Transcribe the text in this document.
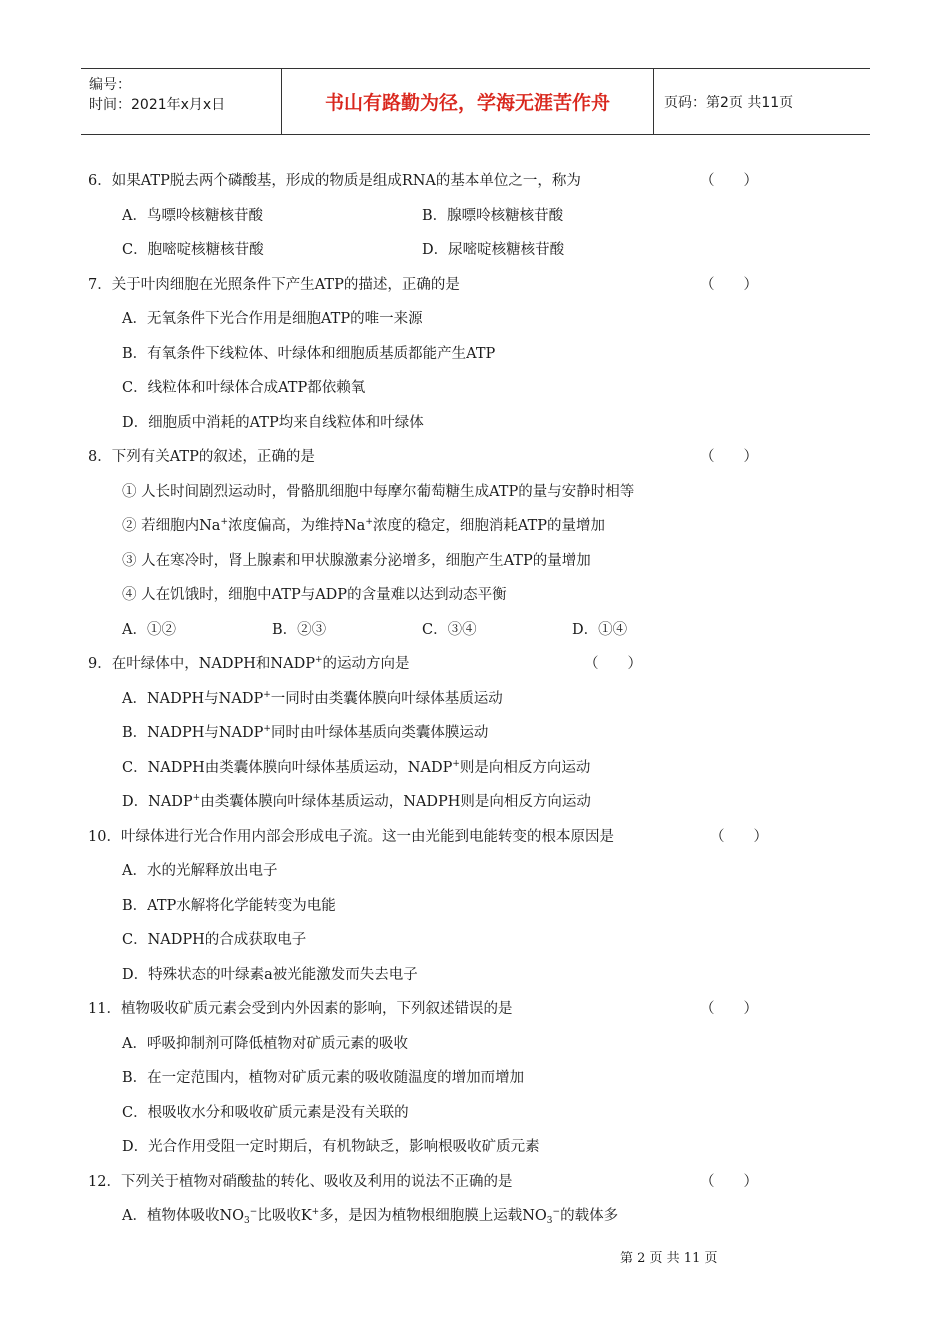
编号：
时间：2021年x月x日	书山有路勤为径，学海无涯苦作舟	页码：第2页 共11页
6．如果ATP脱去两个磷酸基，形成的物质是组成RNA的基本单位之一，称为	（　　）
A．鸟嘌呤核糖核苷酸	B．腺嘌呤核糖核苷酸
C．胞嘧啶核糖核苷酸	D．尿嘧啶核糖核苷酸
7．关于叶肉细胞在光照条件下产生ATP的描述，正确的是	（　　）
A．无氧条件下光合作用是细胞ATP的唯一来源
B．有氧条件下线粒体、叶绿体和细胞质基质都能产生ATP
C．线粒体和叶绿体合成ATP都依赖氧
D．细胞质中消耗的ATP均来自线粒体和叶绿体
8．下列有关ATP的叙述，正确的是	（　　）
① 人长时间剧烈运动时，骨骼肌细胞中每摩尔葡萄糖生成ATP的量与安静时相等
② 若细胞内Na+浓度偏高，为维持Na+浓度的稳定，细胞消耗ATP的量增加
③ 人在寒冷时，肾上腺素和甲状腺激素分泌增多，细胞产生ATP的量增加
④ 人在饥饿时，细胞中ATP与ADP的含量难以达到动态平衡
A．①②	B．②③	C．③④	D．①④
9．在叶绿体中，NADPH和NADP+的运动方向是	（　　）
A．NADPH与NADP+一同时由类囊体膜向叶绿体基质运动
B．NADPH与NADP+同时由叶绿体基质向类囊体膜运动
C．NADPH由类囊体膜向叶绿体基质运动，NADP+则是向相反方向运动
D．NADP+由类囊体膜向叶绿体基质运动，NADPH则是向相反方向运动
10．叶绿体进行光合作用内部会形成电子流。这一由光能到电能转变的根本原因是	（　　）
A．水的光解释放出电子
B．ATP水解将化学能转变为电能
C．NADPH的合成获取电子
D．特殊状态的叶绿素a被光能激发而失去电子
11．植物吸收矿质元素会受到内外因素的影响，下列叙述错误的是	（　　）
A．呼吸抑制剂可降低植物对矿质元素的吸收
B．在一定范围内，植物对矿质元素的吸收随温度的增加而增加
C．根吸收水分和吸收矿质元素是没有关联的
D．光合作用受阻一定时期后，有机物缺乏，影响根吸收矿质元素
12．下列关于植物对硝酸盐的转化、吸收及利用的说法不正确的是	（　　）
A．植物体吸收$NO_3^-$比吸收K+多，是因为植物根细胞膜上运载$NO_3^-$的载体多
第 2 页 共 11 页
